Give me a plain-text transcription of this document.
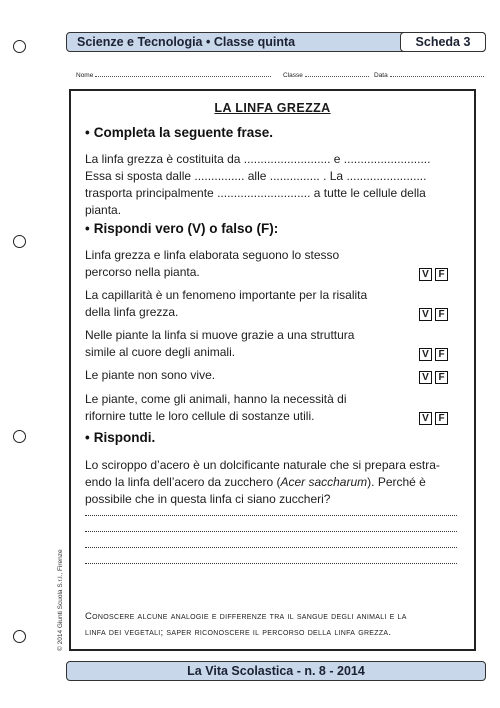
Scienze e Tecnologia • Classe quinta	Scheda 3
Nome	Classe	Data
LA LINFA GREZZA
• Completa la seguente frase.
La linfa grezza è costituita da .......................... e ..........................
Essa si sposta dalle ............... alle ............... . La ........................
trasporta principalmente ............................ a tutte le cellule della
pianta.
• Rispondi vero (V) o falso (F):
Linfa grezza e linfa elaborata seguono lo stesso
percorso nella pianta.	V F
La capillarità è un fenomeno importante per la risalita
della linfa grezza.	V F
Nelle piante la linfa si muove grazie a una struttura
simile al cuore degli animali.	V F
Le piante non sono vive.	V F
Le piante, come gli animali, hanno la necessità di
rifornire tutte le loro cellule di sostanze utili.	V F
• Rispondi.
Lo sciroppo d’acero è un dolcificante naturale che si prepara estra-
endo la linfa dell’acero da zucchero (Acer saccharum). Perché è
possibile che in questa linfa ci siano zuccheri?
Conoscere alcune analogie e differenze tra il sangue degli animali e la
linfa dei vegetali; saper riconoscere il percorso della linfa grezza.
© 2014 Giunti Scuola S.r.l., Firenze
La Vita Scolastica - n. 8 - 2014
